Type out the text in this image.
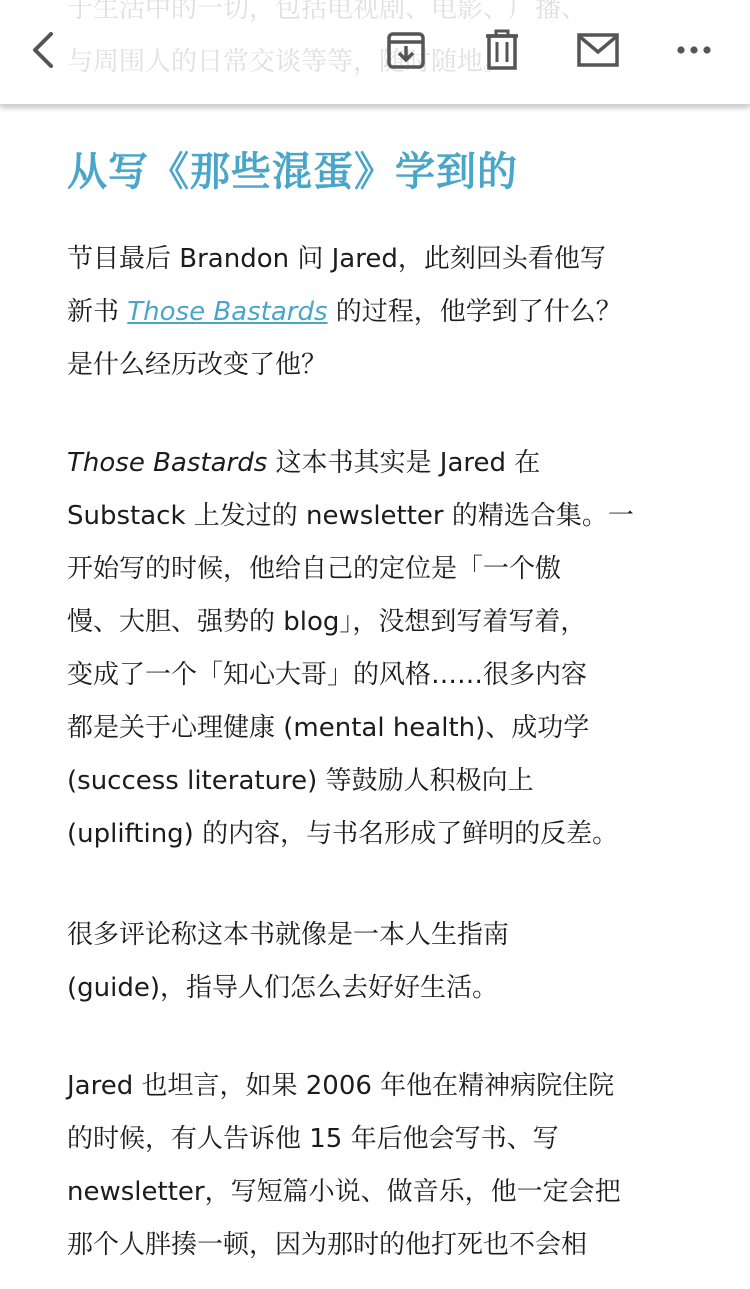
从写《那些混蛋》学到的
节目最后 Brandon 问 Jared，此刻回头看他写
新书 Those Bastards 的过程，他学到了什么？
是什么经历改变了他？
Those Bastards 这本书其实是 Jared 在
Substack 上发过的 newsletter 的精选合集。一
开始写的时候，他给自己的定位是「一个傲
慢、大胆、强势的 blog」，没想到写着写着，
变成了一个「知心大哥」的风格……很多内容
都是关于心理健康 (mental health)、成功学
(success literature) 等鼓励人积极向上
(uplifting) 的内容，与书名形成了鲜明的反差。
很多评论称这本书就像是一本人生指南
(guide)，指导人们怎么去好好生活。
Jared 也坦言，如果 2006 年他在精神病院住院
的时候，有人告诉他 15 年后他会写书、写
newsletter，写短篇小说、做音乐，他一定会把
那个人胖揍一顿，因为那时的他打死也不会相
